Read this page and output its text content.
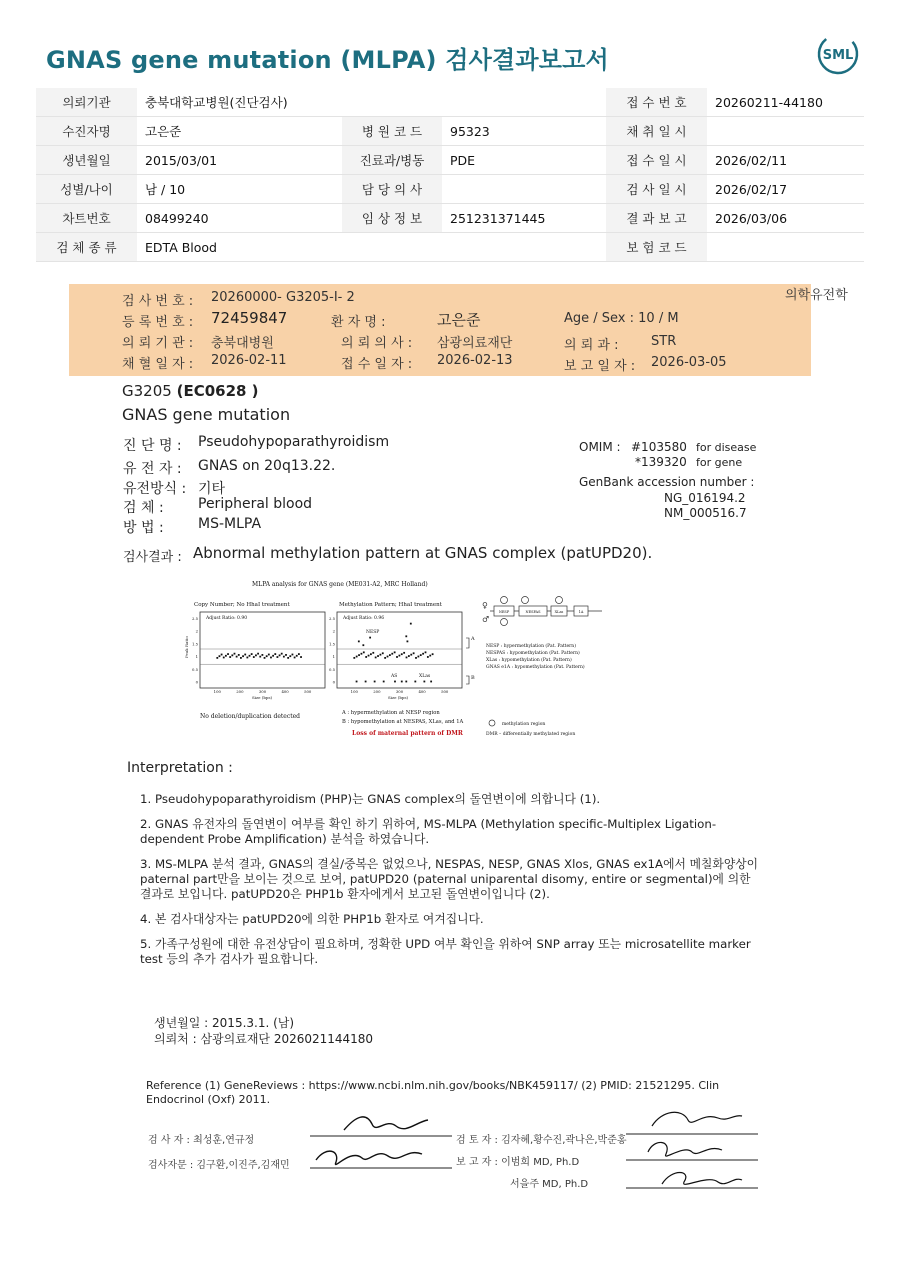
GNAS gene mutation (MLPA) 검사결과보고서	SML
의뢰기관	충북대학교병원(진단검사)			접 수 번 호	20260211-44180
수진자명	고은준	병 원 코 드	95323	채 취 일 시	
생년월일	2015/03/01	진료과/병동	PDE	접 수 일 시	2026/02/11
성별/나이	남 / 10	담 당 의 사		검 사 일 시	2026/02/17
차트번호	08499240	임 상 정 보	251231371445	결 과 보 고	2026/03/06
검 체 종 류	EDTA Blood			보 험 코 드	
검 사 번 호 : 20260000- G3205-I- 2
등 록 번 호 : 72459847	환 자 명 :	고은준	Age / Sex : 10 / M
의 뢰 기 관 : 충북대병원	의 뢰 의 사 : 삼광의료재단	의 뢰 과 :	STR
채 혈 일 자 : 2026-02-11	접 수 일 자 : 2026-02-13	보 고 일 자 : 2026-03-05
의학유전학
G3205 (EC0628 )
GNAS gene mutation
진 단 명 : Pseudohypoparathyroidism
유 전 자 : GNAS on 20q13.22.
유전방식 : 기타
검 체 : Peripheral blood
방 법 : MS-MLPA
OMIM : #103580 for disease
*139320 for gene
GenBank accession number :
NG_016194.2
NM_000516.7
검사결과 : Abnormal methylation pattern at GNAS complex (patUPD20).
MLPA analysis for GNAS gene (ME031-A2, MRC Holland)
Copy Number; No HhaI treatment	Methylation Pattern; HhaI treatment
Adjust Ratio: 0.90
2.5
2
1.5
1
0.5
0
100	200	300	400	500
Size (bps)
Peak Ratio
No deletion/duplication detected
Adjust Ratio: 0.96
2.5
2
1.5
1
0.5
0
100	200	300	400	500
Size (bps)
NESP
AS	XLas
A
B
A : hypermethylation at NESP region
B : hypomethylation at NESPAS, XLas, and 1A
Loss of maternal pattern of DMR
♀
♂
NESP	NESPAS	XLas	1A
NESP : hypermethylation (Pat. Pattern)
NESPAS : hypomethylation (Pat. Pattern)
XLas : hypomethylation (Pat. Pattern)
GNAS e1A : hypomethylation (Pat. Pattern)
methylation region
DMR – differentially methylated region
Interpretation :

1. Pseudohypoparathyroidism (PHP)는 GNAS complex의 돌연변이에 의합니다 (1).

2. GNAS 유전자의 돌연변이 여부를 확인 하기 위하여, MS-MLPA (Methylation specific-Multiplex Ligation-dependent Probe Amplification) 분석을 하였습니다.

3. MS-MLPA 분석 결과, GNAS의 결실/중복은 없었으나, NESPAS, NESP, GNAS Xlos, GNAS ex1A에서 메칠화양상이 paternal part만을 보이는 것으로 보여, patUPD20 (paternal uniparental disomy, entire or segmental)에 의한 결과로 보입니다. patUPD20은 PHP1b 환자에게서 보고된 돌연변이입니다 (2).

4. 본 검사대상자는 patUPD20에 의한 PHP1b 환자로 여겨집니다.

5. 가족구성원에 대한 유전상담이 필요하며, 정확한 UPD 여부 확인을 위하여 SNP array 또는 microsatellite marker test 등의 추가 검사가 필요합니다.

생년월일 : 2015.3.1. (남)
의뢰처 : 삼광의료재단 2026021144180
Reference (1) GeneReviews : https://www.ncbi.nlm.nih.gov/books/NBK459117/ (2) PMID: 21521295. Clin Endocrinol (Oxf) 2011.
검 사 자 : 최성훈,연규정
검사자문 : 김구환,이진주,김재민
검 토 자 : 김자혜,황수진,곽나은,박준홍
보 고 자 : 이범희 MD, Ph.D
서을주 MD, Ph.D
